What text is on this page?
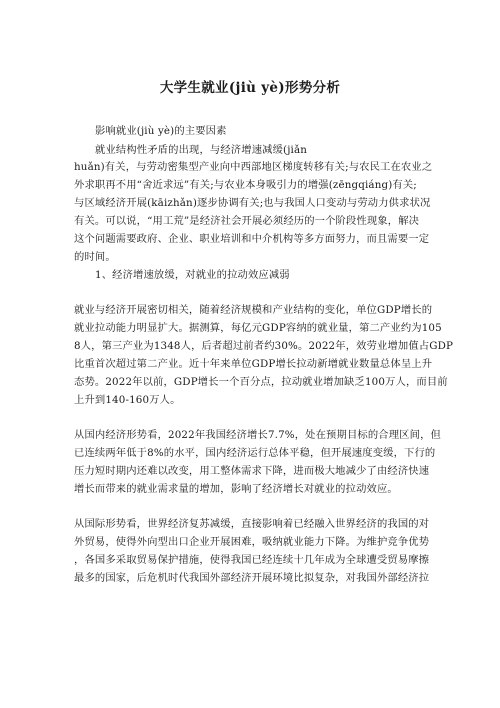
大学生就业(jiù yè)形势分析
影响就业(jiù yè)的主要因素
就业结构性矛盾的出现，与经济增速减缓(jiǎn
huǎn)有关，与劳动密集型产业向中西部地区梯度转移有关;与农民工在农业之
外求职再不用“舍近求远”有关;与农业本身吸引力的增强(zēngqiáng)有关;
与区域经济开展(kāizhǎn)逐步协调有关;也与我国人口变动与劳动力供求状况
有关。可以说，“用工荒”是经济社会开展必须经历的一个阶段性现象，解决
这个问题需要政府、企业、职业培训和中介机构等多方面努力，而且需要一定
的时间。
1、经济增速放缓，对就业的拉动效应减弱
就业与经济开展密切相关，随着经济规模和产业结构的变化，单位GDP增长的
就业拉动能力明显扩大。据测算，每亿元GDP容纳的就业量，第二产业约为105
8人，第三产业为1348人，后者超过前者约30%。2022年，效劳业增加值占GDP
比重首次超过第二产业。近十年来单位GDP增长拉动新增就业数量总体呈上升
态势。2022年以前，GDP增长一个百分点，拉动就业增加缺乏100万人，而目前
上升到140-160万人。
从国内经济形势看，2022年我国经济增长7.7%，处在预期目标的合理区间，但
已连续两年低于8%的水平，国内经济运行总体平稳，但开展速度变缓，下行的
压力短时期内还难以改变，用工整体需求下降，进而极大地减少了由经济快速
增长而带来的就业需求量的增加，影响了经济增长对就业的拉动效应。
从国际形势看，世界经济复苏减缓，直接影响着已经融入世界经济的我国的对
外贸易，使得外向型出口企业开展困难，吸纳就业能力下降。为维护竞争优势
，各国多采取贸易保护措施，使得我国已经连续十几年成为全球遭受贸易摩擦
最多的国家，后危机时代我国外部经济开展环境比拟复杂，对我国外部经济拉
